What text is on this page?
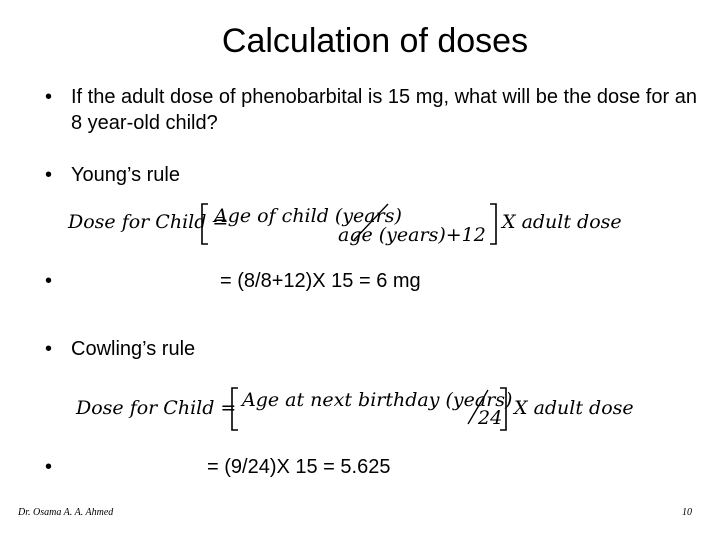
Calculation of doses
• If the adult dose of phenobarbital is 15 mg, what will be the dose for an 8 year-old child?
• Young’s rule
Dose for Child =
Age of child (years)
age (years)+12
X adult dose
•	= (8/8+12)X 15 = 6 mg
• Cowling’s rule
Dose for Child = Age at next birthday (years)
24 X adult dose
•	= (9/24)X 15 = 5.625
Dr. Osama A. A. Ahmed	10
